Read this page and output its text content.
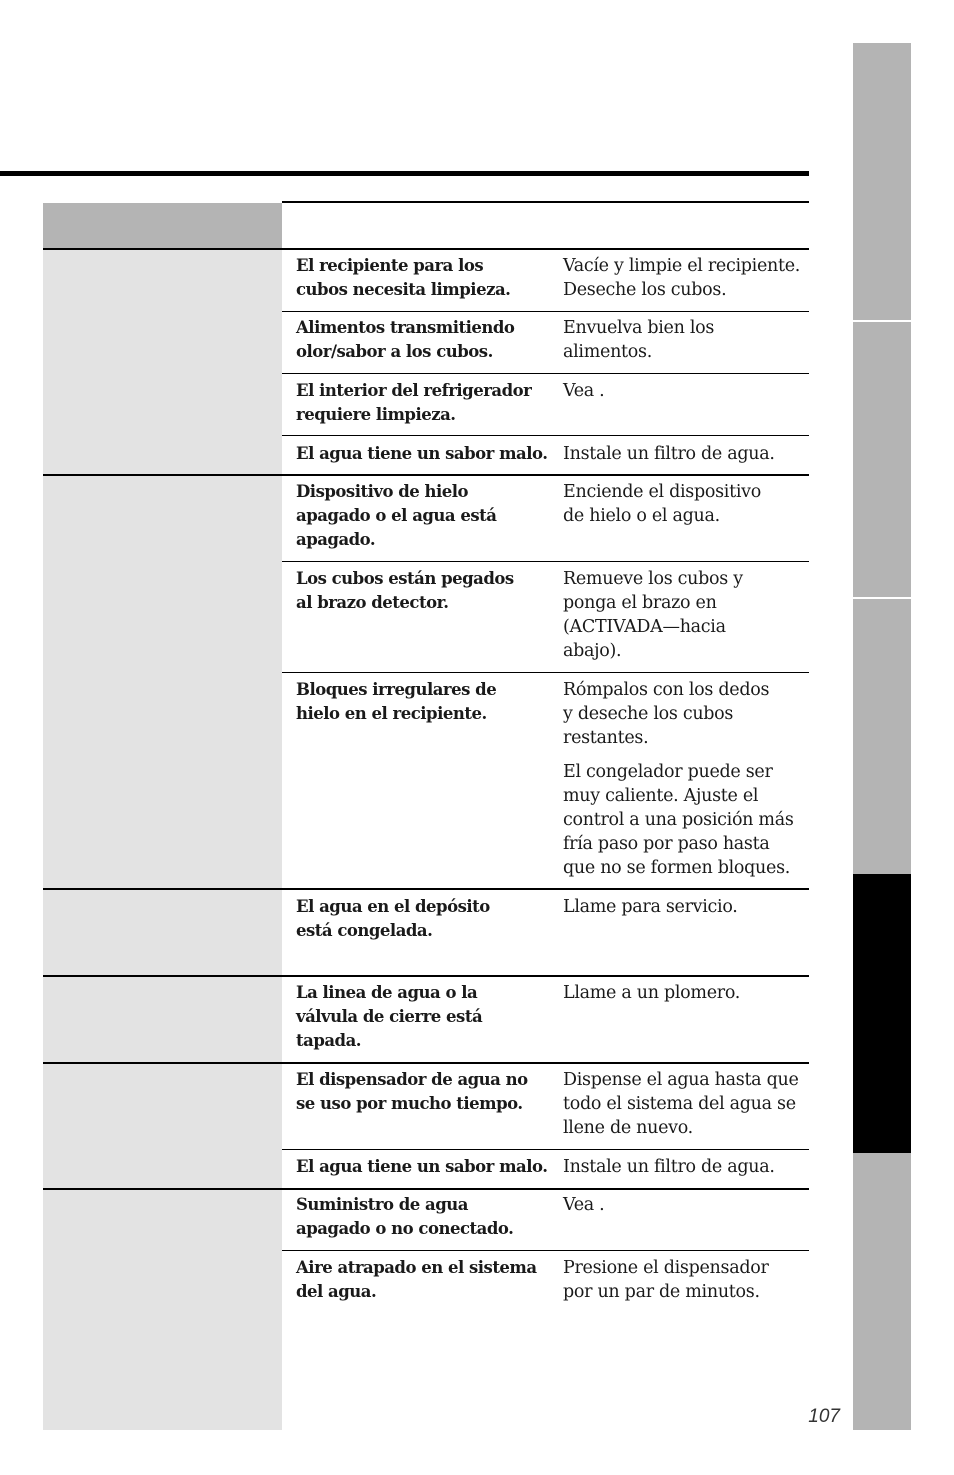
El recipiente para los
cubos necesita limpieza.
Vacíe y limpie el recipiente.
Deseche los cubos.
Alimentos transmitiendo
olor/sabor a los cubos.
Envuelva bien los
alimentos.
El interior del refrigerador
requiere limpieza.
Vea .
El agua tiene un sabor malo. Instale un filtro de agua.
Dispositivo de hielo
apagado o el agua está
apagado.
Enciende el dispositivo
de hielo o el agua.
Los cubos están pegados
al brazo detector.
Remueve los cubos y
ponga el brazo en
(ACTIVADA—hacia
abajo).
Bloques irregulares de
hielo en el recipiente.
Rómpalos con los dedos
y deseche los cubos
restantes.
El congelador puede ser
muy caliente. Ajuste el
control a una posición más
fría paso por paso hasta
que no se formen bloques.
El agua en el depósito
está congelada.
Llame para servicio.
La linea de agua o la
válvula de cierre está
tapada.
Llame a un plomero.
El dispensador de agua no
se uso por mucho tiempo.
Dispense el agua hasta que
todo el sistema del agua se
llene de nuevo.
El agua tiene un sabor malo. Instale un filtro de agua.
Suministro de agua
apagado o no conectado.
Vea .
Aire atrapado en el sistema
del agua.
Presione el dispensador
por un par de minutos.
107
